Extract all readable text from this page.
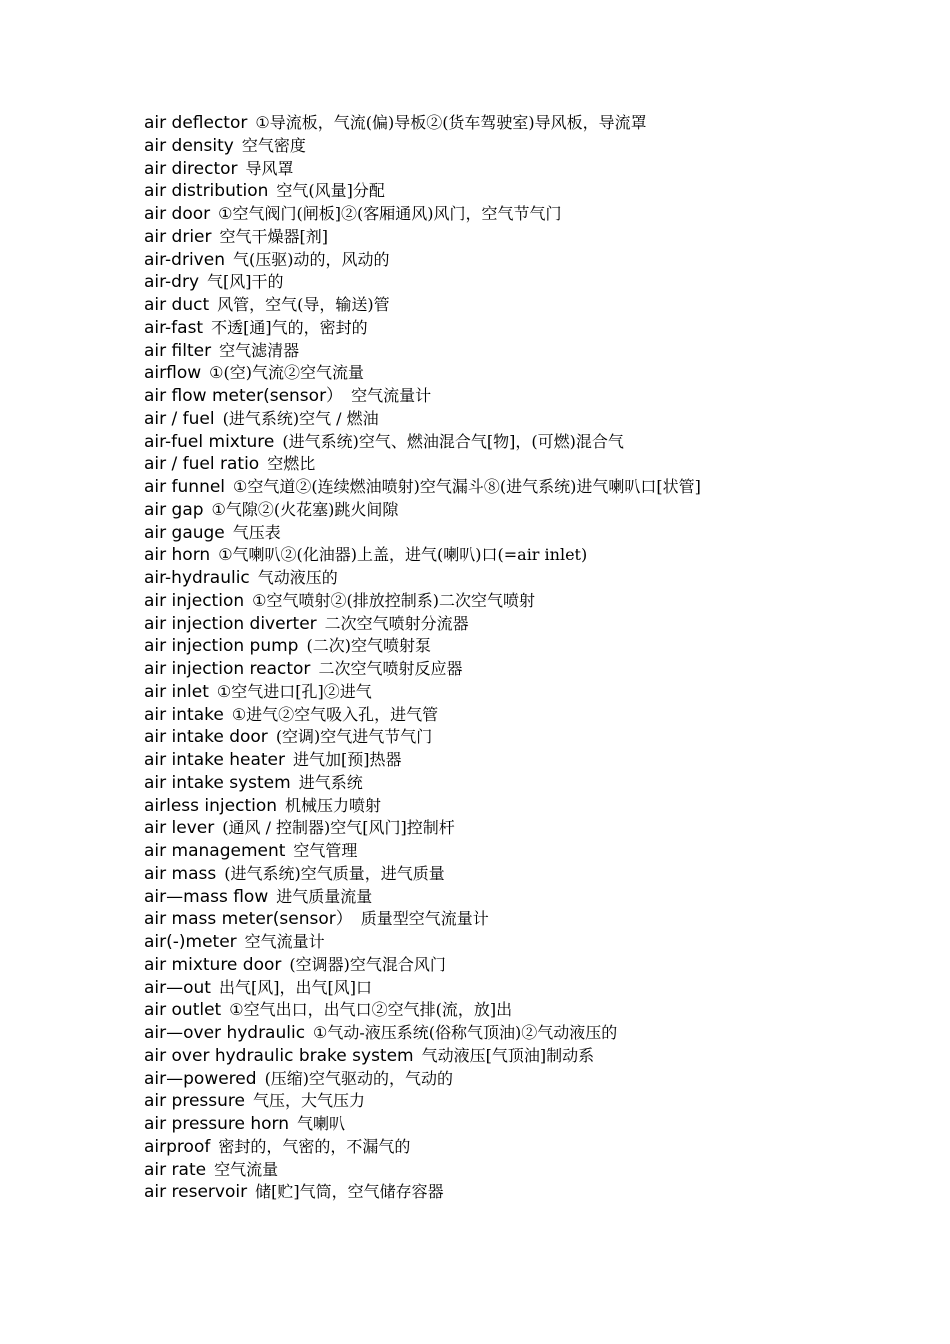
air deflector ①导流板，气流(偏)导板②(货车驾驶室)导风板，导流罩
air density 空气密度
air director 导风罩
air distribution 空气(风量]分配
air door ①空气阀门(闸板]②(客厢通风)风门，空气节气门
air drier 空气干燥器[剂]
air-driven 气(压驱)动的，风动的
air-dry 气[风]干的
air duct 风管，空气(导，输送)管
air-fast 不透[通]气的，密封的
air filter 空气滤清器
airflow ①(空)气流②空气流量
air flow meter(sensor） 空气流量计
air / fuel (进气系统)空气 / 燃油
air-fuel mixture (进气系统)空气、燃油混合气[物]，(可燃)混合气
air / fuel ratio 空燃比
air funnel ①空气道②(连续燃油喷射)空气漏斗⑧(进气系统)进气喇叭口[状管]
air gap ①气隙②(火花塞)跳火间隙
air gauge 气压表
air horn ①气喇叭②(化油器)上盖，进气(喇叭)口(=air inlet)
air-hydraulic 气动液压的
air injection ①空气喷射②(排放控制系)二次空气喷射
air injection diverter 二次空气喷射分流器
air injection pump (二次)空气喷射泵
air injection reactor 二次空气喷射反应器
air inlet ①空气进口[孔]②进气
air intake ①进气②空气吸入孔，进气管
air intake door (空调)空气进气节气门
air intake heater 进气加[预]热器
air intake system 进气系统
airless injection 机械压力喷射
air lever (通风 / 控制器)空气[风门]控制杆
air management 空气管理
air mass (进气系统)空气质量，进气质量
air—mass flow 进气质量流量
air mass meter(sensor） 质量型空气流量计
air(-)meter 空气流量计
air mixture door (空调器)空气混合风门
air—out 出气[风]，出气[风]口
air outlet ①空气出口，出气口②空气排(流，放]出
air—over hydraulic ①气动-液压系统(俗称气顶油)②气动液压的
air over hydraulic brake system 气动液压[气顶油]制动系
air—powered (压缩)空气驱动的，气动的
air pressure 气压，大气压力
air pressure horn 气喇叭
airproof 密封的，气密的，不漏气的
air rate 空气流量
air reservoir 储[贮]气筒，空气储存容器
